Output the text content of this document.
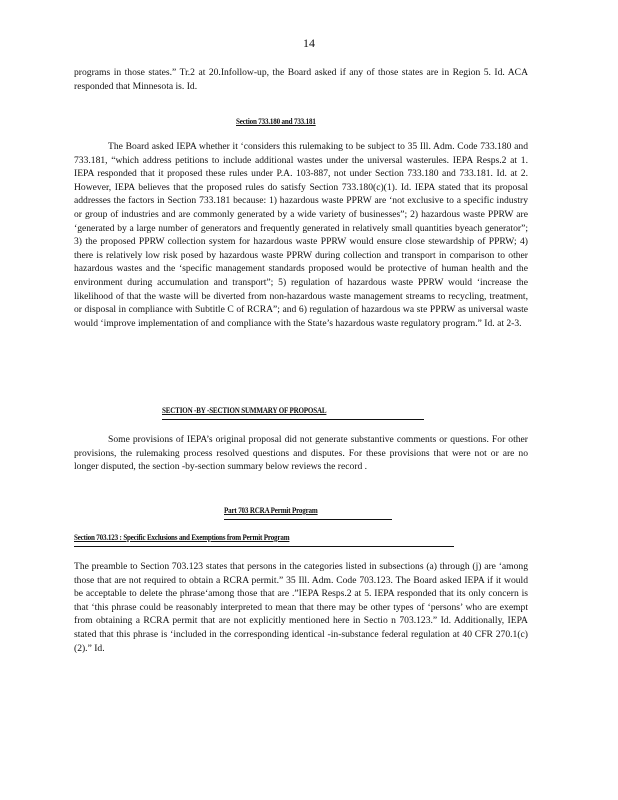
14

programs in those states.” Tr.2 at 20.Infollow-up, the Board asked if any of those states are in Region 5. Id. ACA responded that Minnesota is. Id.

Section 733.180 and 733.181

The Board asked IEPA whether it ‘considers this rulemaking to be subject to 35 Ill. Adm. Code 733.180 and 733.181, “which address petitions to include additional wastes under the universal wasterules. IEPA Resps.2 at 1. IEPA responded that it proposed these rules under P.A. 103-887, not under Section 733.180 and 733.181. Id. at 2. However, IEPA believes that the proposed rules do satisfy Section 733.180(c)(1). Id. IEPA stated that its proposal addresses the factors in Section 733.181 because: 1) hazardous waste PPRW are ‘not exclusive to a specific industry or group of industries and are commonly generated by a wide variety of businesses”; 2) hazardous waste PPRW are ‘generated by a large number of generators and frequently generated in relatively small quantities byeach generator”; 3) the proposed PPRW collection system for hazardous waste PPRW would ensure close stewardship of PPRW; 4) there is relatively low risk posed by hazardous waste PPRW during collection and transport in comparison to other hazardous wastes and the ‘specific management standards proposed would be protective of human health and the environment during accumulation and transport”; 5) regulation of hazardous waste PPRW would ‘increase the likelihood of that the waste will be diverted from non-hazardous waste management streams to recycling, treatment, or disposal in compliance with Subtitle C of RCRA”; and 6) regulation of hazardous wa ste PPRW as universal waste would ‘improve implementation of and compliance with the State’s hazardous waste regulatory program.” Id. at 2-3.

SECTION -BY -SECTION SUMMARY OF PROPOSAL

Some provisions of IEPA’s original proposal did not generate substantive comments or questions. For other provisions, the rulemaking process resolved questions and disputes. For these provisions that were not or are no longer disputed, the section -by-section summary below reviews the record .

Part 703 RCRA Permit Program
Section 703.123 : Specific Exclusions and Exemptions from Permit Program

The preamble to Section 703.123 states that persons in the categories listed in subsections (a) through (j) are ‘among those that are not required to obtain a RCRA permit.” 35 Ill. Adm. Code 703.123. The Board asked IEPA if it would be acceptable to delete the phrase‘among those that are .”IEPA Resps.2 at 5. IEPA responded that its only concern is that ‘this phrase could be reasonably interpreted to mean that there may be other types of ‘persons’ who are exempt from obtaining a RCRA permit that are not explicitly mentioned here in Sectio n 703.123.” Id. Additionally, IEPA stated that this phrase is ‘included in the corresponding identical -in-substance federal regulation at 40 CFR 270.1(c)(2).” Id.
